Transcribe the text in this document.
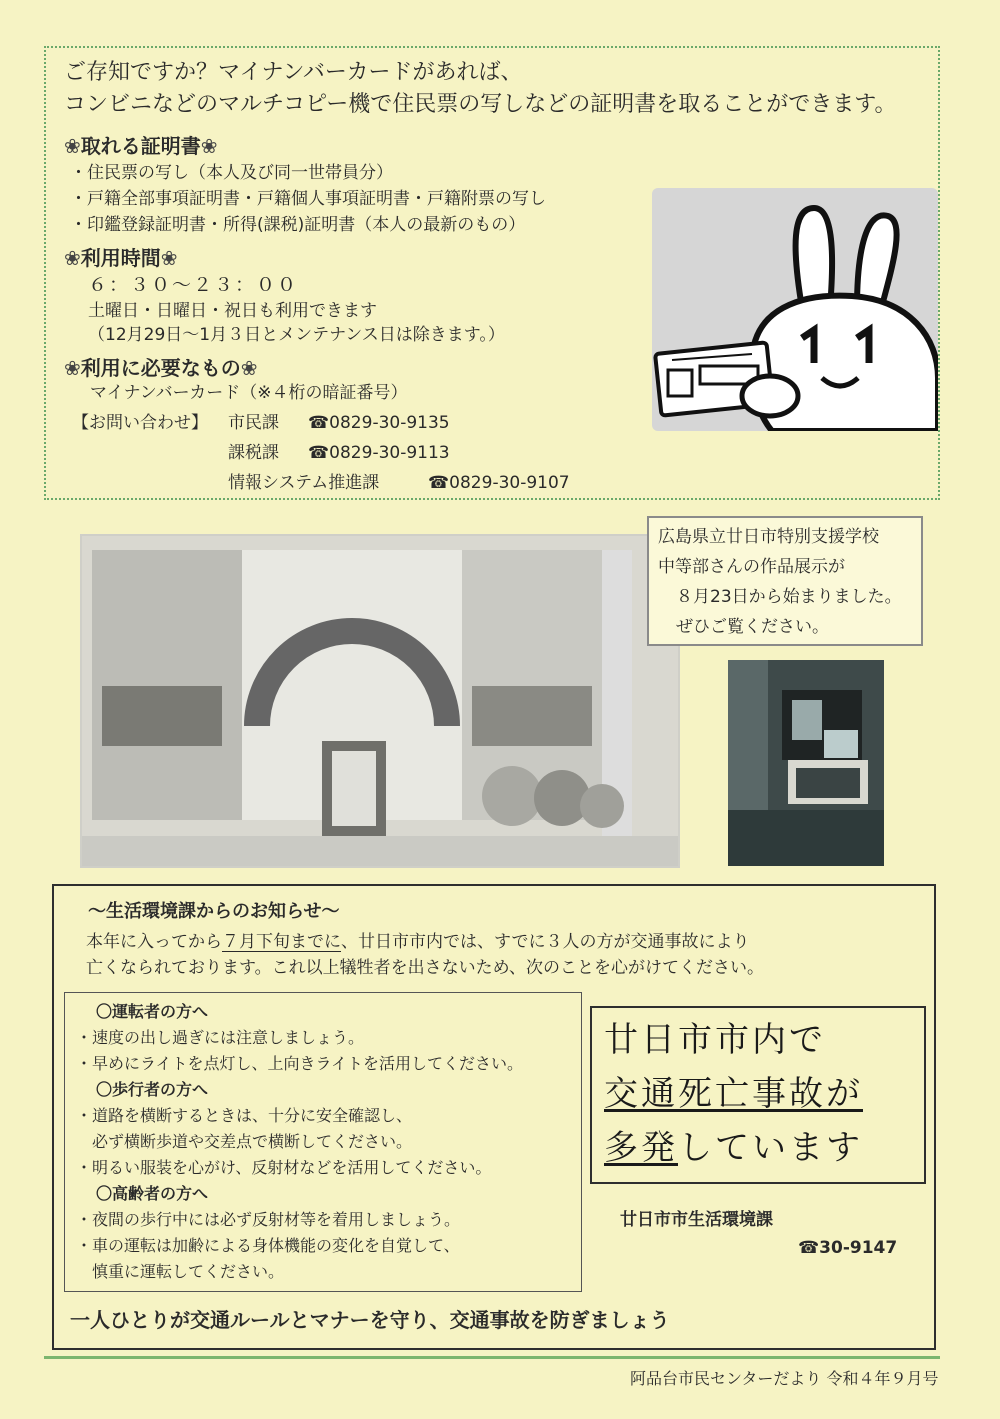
ご存知ですか？マイナンバーカードがあれば、
コンビニなどのマルチコピー機で住民票の写しなどの証明書を取ることができます。
❀取れる証明書❀
・住民票の写し（本人及び同一世帯員分）
・戸籍全部事項証明書・戸籍個人事項証明書・戸籍附票の写し
・印鑑登録証明書・所得(課税)証明書（本人の最新のもの）
❀利用時間❀
６：３０～２３：００
土曜日・日曜日・祝日も利用できます
（12月29日～1月３日とメンテナンス日は除きます。）
❀利用に必要なもの❀
マイナンバーカード（※４桁の暗証番号）
【お問い合わせ】 市民課 ☎0829-30-9135
課税課 ☎0829-30-9113
情報システム推進課	☎0829-30-9107
広島県立廿日市特別支援学校
中等部さんの作品展示が
８月23日から始まりました。
ぜひご覧ください。
～生活環境課からのお知らせ～
本年に入ってから７月下旬までに、廿日市市内では、すでに３人の方が交通事故により
亡くなられております。これ以上犠牲者を出さないため、次のことを心がけてください。
〇運転者の方へ
・速度の出し過ぎには注意しましょう。
・早めにライトを点灯し、上向きライトを活用してください。
〇歩行者の方へ
・道路を横断するときは、十分に安全確認し、
　必ず横断歩道や交差点で横断してください。
・明るい服装を心がけ、反射材などを活用してください。
〇高齢者の方へ
・夜間の歩行中には必ず反射材等を着用しましょう。
・車の運転は加齢による身体機能の変化を自覚して、
　慎重に運転してください。
廿日市市内で
交通死亡事故が
多発しています
廿日市市生活環境課
☎30-9147
一人ひとりが交通ルールとマナーを守り、交通事故を防ぎましょう
阿品台市民センターだより 令和４年９月号
